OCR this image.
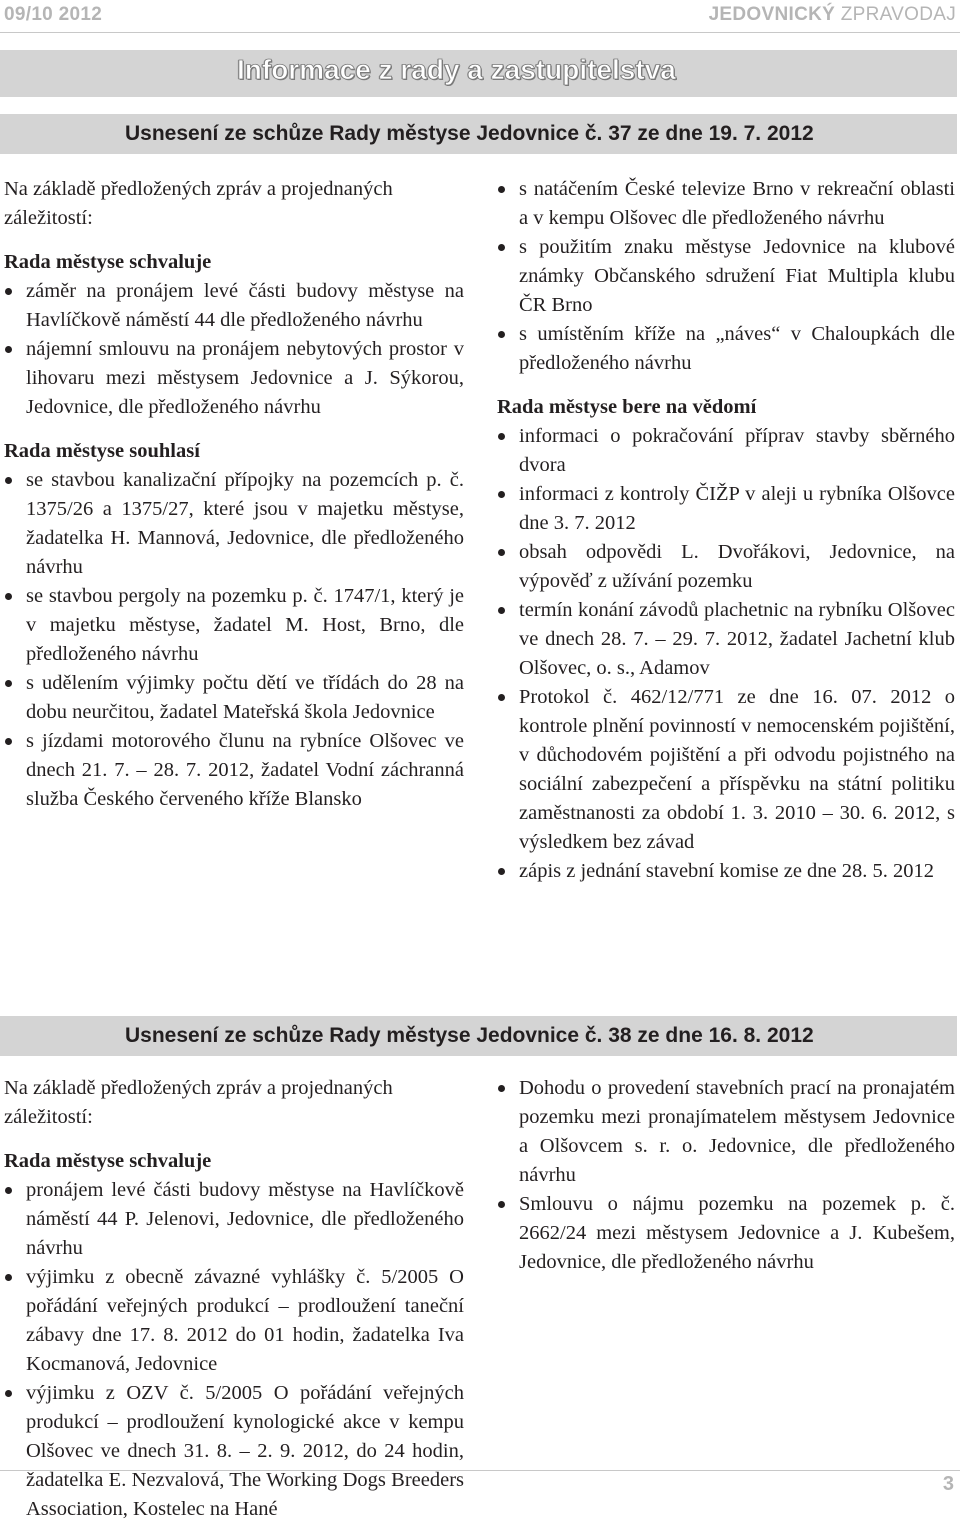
09/10 2012	JEDOVNICKÝ ZPRAVODAJ
Informace z rady a zastupitelstva
Usnesení ze schůze Rady městyse Jedovnice č. 37 ze dne 19. 7. 2012

Na základě předložených zpráv a projednaných záležitostí:

Rada městyse schvaluje

záměr na pronájem levé části budovy městyse na Havlíčkově náměstí 44 dle předloženého návrhu
nájemní smlouvu na pronájem nebytových prostor v lihovaru mezi městysem Jedovnice a J. Sýkorou, Jedovnice, dle předloženého návrhu

Rada městyse souhlasí

se stavbou kanalizační přípojky na pozemcích p. č. 1375/26 a 1375/27, které jsou v majetku městyse, žadatelka H. Mannová, Jedovnice, dle předloženého návrhu
se stavbou pergoly na pozemku p. č. 1747/1, který je v majetku městyse, žadatel M. Host, Brno, dle předloženého návrhu
s udělením výjimky počtu dětí ve třídách do 28 na dobu neurčitou, žadatel Mateřská škola Jedovnice
s jízdami motorového člunu na rybníce Olšovec ve dnech 21. 7. – 28. 7. 2012, žadatel Vodní záchranná služba Českého červeného kříže Blansko
s natáčením České televize Brno v rekreační oblasti a v kempu Olšovec dle předloženého návrhu
s použitím znaku městyse Jedovnice na klubové známky Občanského sdružení Fiat Multipla klubu ČR Brno
s umístěním kříže na „náves“ v Chaloupkách dle předloženého návrhu

Rada městyse bere na vědomí

informaci o pokračování příprav stavby sběrného dvora
informaci z kontroly ČIŽP v aleji u rybníka Olšovce dne 3. 7. 2012
obsah odpovědi L. Dvořákovi, Jedovnice, na výpověď z užívání pozemku
termín konání závodů plachetnic na rybníku Olšovec ve dnech 28. 7. – 29. 7. 2012, žadatel Jachetní klub Olšovec, o. s., Adamov
Protokol č. 462/12/771 ze dne 16. 07. 2012 o kontrole plnění povinností v nemocenském pojištění, v důchodovém pojištění a při odvodu pojistného na sociální zabezpečení a příspěvku na státní politiku zaměstnanosti za období 1. 3. 2010 – 30. 6. 2012, s výsledkem bez závad
zápis z jednání stavební komise ze dne 28. 5. 2012
Usnesení ze schůze Rady městyse Jedovnice č. 38 ze dne 16. 8. 2012

Na základě předložených zpráv a projednaných záležitostí:

Rada městyse schvaluje

pronájem levé části budovy městyse na Havlíčkově náměstí 44 P. Jelenovi, Jedovnice, dle předloženého návrhu
výjimku z obecně závazné vyhlášky č. 5/2005 O pořádání veřejných produkcí – prodloužení taneční zábavy dne 17. 8. 2012 do 01 hodin, žadatelka Iva Kocmanová, Jedovnice
výjimku z OZV č. 5/2005 O pořádání veřejných produkcí – prodloužení kynologické akce v kempu Olšovec ve dnech 31. 8. – 2. 9. 2012, do 24 hodin, žadatelka E. Nezvalová, The Working Dogs Breeders Association, Kostelec na Hané
Dohodu o provedení stavebních prací na pronajatém pozemku mezi pronajímatelem městysem Jedovnice a Olšovcem s. r. o. Jedovnice, dle předloženého návrhu
Smlouvu o nájmu pozemku na pozemek p. č. 2662/24 mezi městysem Jedovnice a J. Kubešem, Jedovnice, dle předloženého návrhu
3
